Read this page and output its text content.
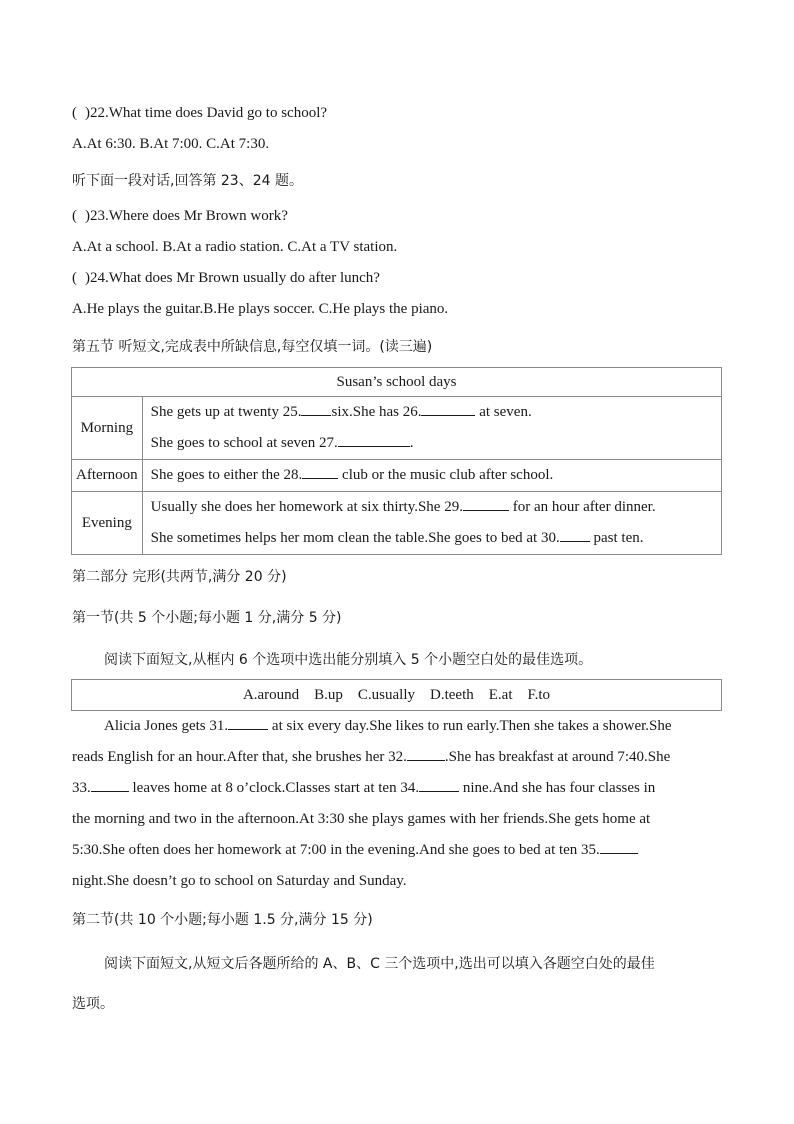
( )22.What time does David go to school?
A.At 6:30. B.At 7:00. C.At 7:30.
听下面一段对话,回答第 23、24 题。
( )23.Where does Mr Brown work?
A.At a school. B.At a radio station. C.At a TV station.
( )24.What does Mr Brown usually do after lunch?
A.He plays the guitar.B.He plays soccer. C.He plays the piano.
第五节 听短文,完成表中所缺信息,每空仅填一词。(读三遍)
Susan’s school days	
Morning	She gets up at twenty 25. six.She has 26. at seven.
She goes to school at seven 27. .

Afternoon	She goes to either the 28. club or the music club after school.

Evening	Usually she does her homework at six thirty.She 29. for an hour after dinner.
She sometimes helps her mom clean the table.She goes to bed at 30. past ten.
第二部分 完形(共两节,满分 20 分)
第一节(共 5 个小题;每小题 1 分,满分 5 分)
阅读下面短文,从框内 6 个选项中选出能分别填入 5 个小题空白处的最佳选项。
A.around    B.up    C.usually    D.teeth    E.at    F.to
Alicia Jones gets 31.	at six every day.She likes to run early.Then she takes a shower.She
reads English for an hour.After that, she brushes her 32.	.She has breakfast at around 7:40.She
33.	leaves home at 8 o’clock.Classes start at ten 34.	nine.And she has four classes in
the morning and two in the afternoon.At 3:30 she plays games with her friends.She gets home at
5:30.She often does her homework at 7:00 in the evening.And she goes to bed at ten 35.
night.She doesn’t go to school on Saturday and Sunday.
第二节(共 10 个小题;每小题 1.5 分,满分 15 分)
阅读下面短文,从短文后各题所给的 A、B、C 三个选项中,选出可以填入各题空白处的最佳
选项。
